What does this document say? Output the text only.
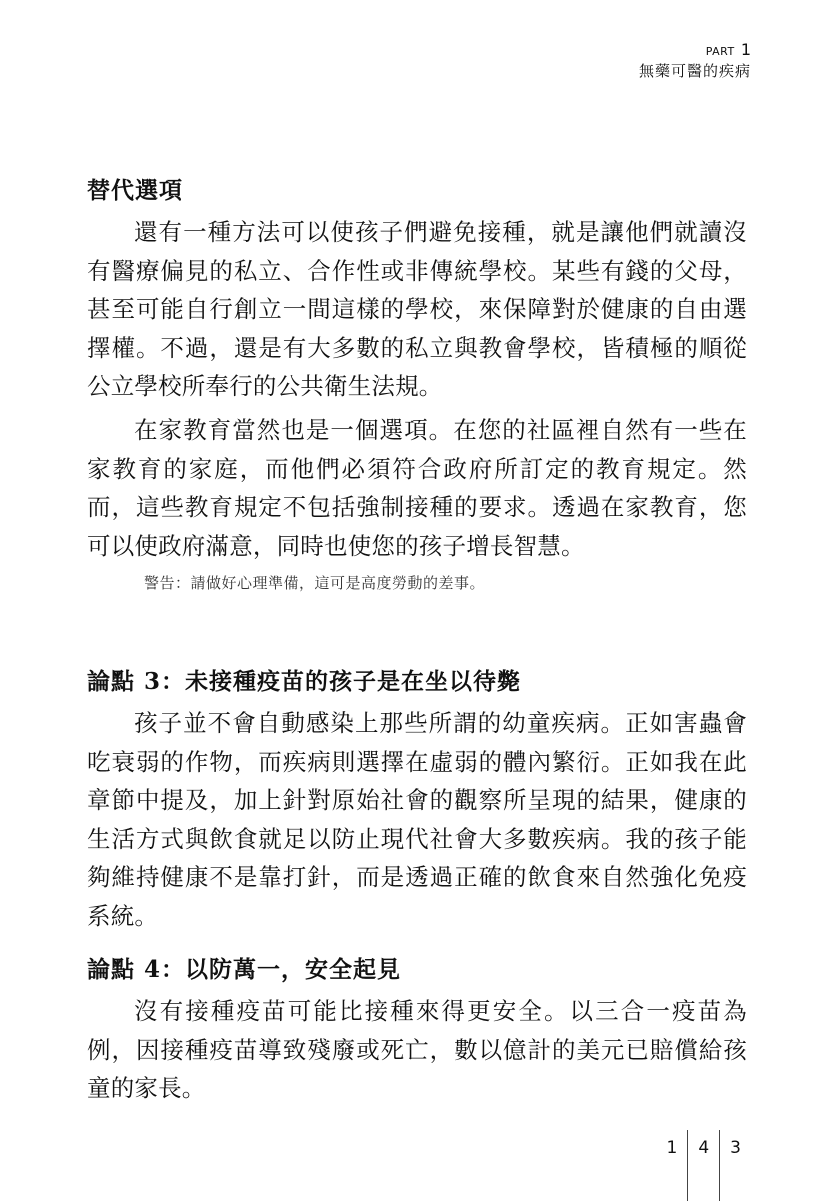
PART 1
無藥可醫的疾病
替代選項

還有一種方法可以使孩子們避免接種，就是讓他們就讀沒有醫療偏見的私立、合作性或非傳統學校。某些有錢的父母，甚至可能自行創立一間這樣的學校，來保障對於健康的自由選擇權。不過，還是有大多數的私立與教會學校，皆積極的順從公立學校所奉行的公共衛生法規。

在家教育當然也是一個選項。在您的社區裡自然有一些在家教育的家庭，而他們必須符合政府所訂定的教育規定。然而，這些教育規定不包括強制接種的要求。透過在家教育，您可以使政府滿意，同時也使您的孩子增長智慧。

警告：請做好心理準備，這可是高度勞動的差事。
論點 3：未接種疫苗的孩子是在坐以待斃

孩子並不會自動感染上那些所謂的幼童疾病。正如害蟲會吃衰弱的作物，而疾病則選擇在虛弱的體內繁衍。正如我在此章節中提及，加上針對原始社會的觀察所呈現的結果，健康的生活方式與飲食就足以防止現代社會大多數疾病。我的孩子能夠維持健康不是靠打針，而是透過正確的飲食來自然強化免疫系統。

論點 4：以防萬一，安全起見

沒有接種疫苗可能比接種來得更安全。以三合一疫苗為例，因接種疫苗導致殘廢或死亡，數以億計的美元已賠償給孩童的家長。

1	4	3
